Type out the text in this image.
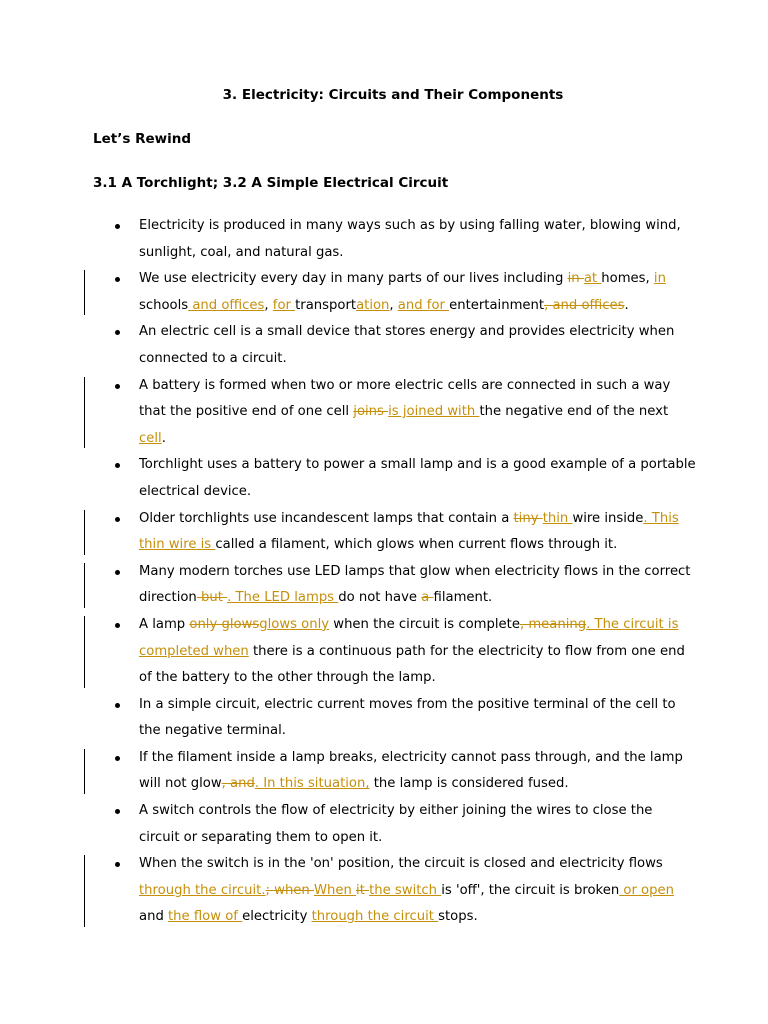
3. Electricity: Circuits and Their Components
Let’s Rewind
3.1 A Torchlight; 3.2 A Simple Electrical Circuit
Electricity is produced in many ways such as by using falling water, blowing wind, sunlight, coal, and natural gas.
We use electricity every day in many parts of our lives including in at homes, in schools and offices, for transportation, and for entertainment, and offices.
An electric cell is a small device that stores energy and provides electricity when connected to a circuit.
A battery is formed when two or more electric cells are connected in such a way that the positive end of one cell joins is joined with the negative end of the next cell.
Torchlight uses a battery to power a small lamp and is a good example of a portable electrical device.
Older torchlights use incandescent lamps that contain a tiny thin wire inside. This thin wire is called a filament, which glows when current flows through it.
Many modern torches use LED lamps that glow when electricity flows in the correct direction but . The LED lamps do not have a filament.
A lamp only glowsglows only when the circuit is complete, meaning. The circuit is completed when there is a continuous path for the electricity to flow from one end of the battery to the other through the lamp.
In a simple circuit, electric current moves from the positive terminal of the cell to the negative terminal.
If the filament inside a lamp breaks, electricity cannot pass through, and the lamp will not glow, and. In this situation, the lamp is considered fused.
A switch controls the flow of electricity by either joining the wires to close the circuit or separating them to open it.
When the switch is in the 'on' position, the circuit is closed and electricity flows through the circuit.; when When it the switch is 'off', the circuit is broken or open and the flow of electricity through the circuit stops.
